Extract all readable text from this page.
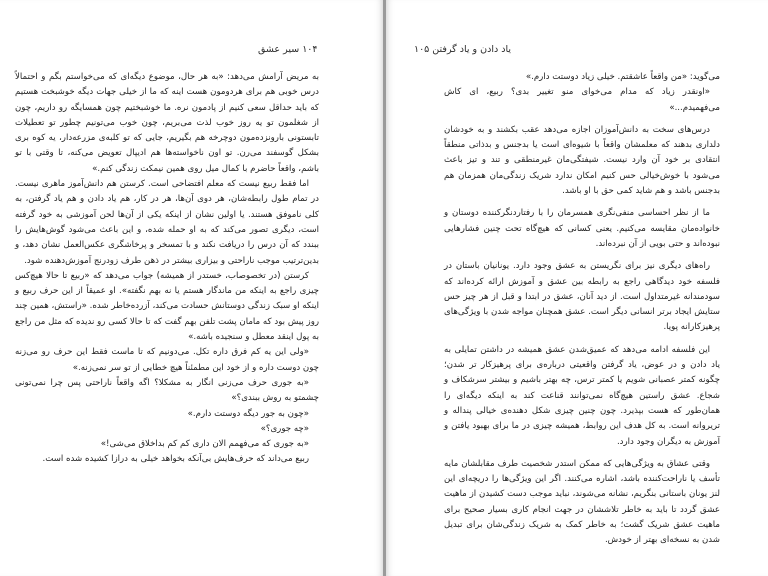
۱۰۴ سیر عشق

به مریض آرامش می‌دهد: «به هر حال، موضوع دیگه‌ای که می‌خواستم بگم و احتمالاً درس خوبی هم برای هردومون هست اینه که ما از خیلی جهات دیگه خوشبخت هستیم که باید حداقل سعی کنیم از پادمون نره. ما خوشبختیم چون همسایگه رو داریم، چون از شغلمون تو یه روز خوب لذت می‌بریم، چون خوب می‌تونیم چطور تو تعطیلات تابستونی بارونزده‌مون دوچرخه هم بگیریم، جایی که تو کلبه‌ی مزرعه‌دار، یه کوه بری بشکل گوسفند می‌رن. تو اون ناخواسته‌ها هم ادیپال تعویض می‌کنه، تا وقتی با تو باشم، واقعاً حاضرم با کمال میل روی همین نیمکت زندگی کنم.»

اما فقط ربیع نیست که معلم افتضاحی است. کرستن هم دانش‌آموز ماهری نیست. در تمام طول رابطه‌شان، هر دوی آن‌ها، هر در کار، هم یاد دادن و هم یاد گرفتن، به کلی ناموفق هستند. یا اولین نشان از اینکه یکی از آن‌ها لحن آموزشی به خود گرفته است، دیگری تصور می‌کند که به او حمله شده، و این باعث می‌شود گوش‌هایش را ببندد که آن درس را دریافت نکند و با تمسخر و پرخاشگری عکس‌العمل نشان دهد، و بدین‌ترتیب موجب ناراحتی و بیزاری بیشتر در ذهن طرف زودرنج آموزش‌دهنده شود.

کرستن (در تخصوصاب، خستدر از همیشه) جواب می‌دهد که «ربیع تا حالا هیچ‌کس چیزی راجع به اینکه من ماندگار هستم یا نه بهم نگفته». او عمیقاً از این حرف ربیع و اینکه او سبک زندگی دوستانش حسادت می‌کند، آزرده‌خاطر شده. «راستش، همین چند روز پیش بود که مامان پشت تلفن بهم گفت که تا حالا کسی رو ندیده که مثل من راجع به پول اینقد معطل و سنجیده باشه.»

«ولی این یه کم فرق داره تکل. می‌دونیم که تا ماست فقط این حرف رو می‌زنه چون دوست داره و از خود این مطمئناً هیچ خطایی از تو سر نمی‌زنه.»

«به جوری حرف می‌زنی انگار به مشکلا؟ اگه واقعاً ناراحتی پس چرا نمی‌تونی چشمتو به روش ببندی؟»

«چون به جور دیگه دوستت دارم.»

«چه جوری؟»

«به جوری که می‌فهمم الان داری کم کم بداخلاق می‌شی!»

ربیع می‌داند که حرف‌هایش بی‌آنکه بخواهد خیلی به درازا کشیده شده است.

یاد دادن و یاد گرفتن ۱۰۵

می‌گوید: «من واقعاً عاشقتم. خیلی زیاد دوستت دارم.»

«اونقدر زیاد که مدام می‌خوای منو تغییر بدی؟ ربیع، ای کاش می‌فهمیدم...»

درس‌های سخت به دانش‌آموزان اجازه می‌دهد عقب بکشند و به خودشان دلداری بدهند که معلمشان واقعاً با شیوه‌ای است یا بدجنس و بدذاتی منطقاً انتقادی بر خود آن وارد نیست. شیفتگی‌مان غیرمنطقی و تند و تیز باعث می‌شود با خوش‌خیالی حس کنیم امکان ندارد شریک زندگی‌مان همزمان هم بدجنس باشد و هم شاید کمی حق با او باشد.

ما از نظر احساسی منفی‌نگری همسرمان را با رفتارد‌نگرکننده دوستان و خانواده‌مان مقایسه می‌کنیم. یعنی کسانی که هیچ‌گاه تحت چنین فشارهایی نبوده‌اند و حتی بویی از آن نبرده‌اند.

راه‌های دیگری نیز برای نگریستن به عشق وجود دارد. یونانیان باستان در فلسفه خود دیدگاهی راجع به رابطه بین عشق و آموزش ارائه کرده‌اند که سودمندانه غیرمتداول است. از دید آنان، عشق در ابتدا و قبل از هر چیز حس ستایش ایجاد برتر انسانی دیگر است. عشق همچنان مواجه شدن با ویژگی‌های پرهیزکارانه پویا.

این فلسفه ادامه می‌دهد که عمیق‌شدن عشق همیشه در داشتن تمایلی به یاد دادن و در عوض، یاد گرفتن واقعیتی درباره‌ی برای پرهیزکار تر شدن؛ چگونه کمتر عصبانی شویم یا کمتر ترس، چه بهتر باشیم و بیشتر سرشکاف و شجاع. عشق راستین هیچ‌گاه نمی‌توانند قناعت کند به اینکه دیگه‌ای را همان‌طور که هست بپذیرد. چون چنین چیزی شکل دهنده‌ی خیالی پنداله و تریروانه است. به کل هدف این روابط، همیشه چیزی در ما برای بهبود یافتن و آموزش به دیگران وجود دارد.

وقتی عشاق به ویژگی‌هایی که ممکن استدر شخصیت طرف مقابلشان مایه تأسف یا ناراحت‌کننده باشد، اشاره می‌کنند. اگر این ویژگی‌ها را دریچه‌ای این لنز یونان باستانی بنگریم، نشانه می‌شوند، نباید موجب دست کشیدن از ماهیت عشق گردد تا باید به خاطر تلاششان در جهت انجام کاری بسیار صحیح برای ماهیت عشق شریک گشت؛ به خاطر کمک به شریک زندگی‌شان برای تبدیل شدن به نسخه‌ای بهتر از خودش.
